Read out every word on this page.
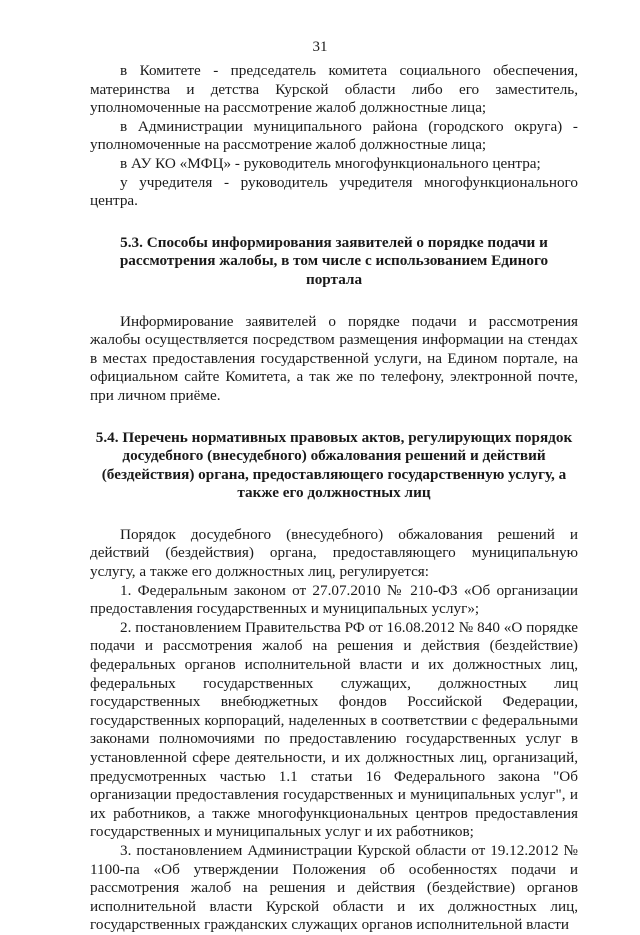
31

в Комитете - председатель комитета социального обеспечения, материнства и детства Курской области либо его заместитель, уполномоченные на рассмотрение жалоб должностные лица;

в Администрации муниципального района (городского округа) - уполномоченные на рассмотрение жалоб должностные лица;

в АУ КО «МФЦ» - руководитель многофункционального центра;

у учредителя - руководитель учредителя многофункционального центра.

5.3. Способы информирования заявителей о порядке подачи и рассмотрения жалобы, в том числе с использованием Единого портала

Информирование заявителей о порядке подачи и рассмотрения жалобы осуществляется посредством размещения информации на стендах в местах предоставления государственной услуги, на Едином портале, на официальном сайте Комитета, а так же по телефону, электронной почте, при личном приёме.

5.4. Перечень нормативных правовых актов, регулирующих порядок досудебного (внесудебного) обжалования решений и действий (бездействия) органа, предоставляющего государственную услугу, а также его должностных лиц

Порядок досудебного (внесудебного) обжалования решений и действий (бездействия) органа, предоставляющего муниципальную услугу, а также его должностных лиц, регулируется:

1. Федеральным законом от 27.07.2010 № 210-ФЗ «Об организации предоставления государственных и муниципальных услуг»;

2. постановлением Правительства РФ от 16.08.2012 № 840 «О порядке подачи и рассмотрения жалоб на решения и действия (бездействие) федеральных органов исполнительной власти и их должностных лиц, федеральных государственных служащих, должностных лиц государственных внебюджетных фондов Российской Федерации, государственных корпораций, наделенных в соответствии с федеральными законами полномочиями по предоставлению государственных услуг в установленной сфере деятельности, и их должностных лиц, организаций, предусмотренных частью 1.1 статьи 16 Федерального закона "Об организации предоставления государственных и муниципальных услуг", и их работников, а также многофункциональных центров предоставления государственных и муниципальных услуг и их работников;

3. постановлением Администрации Курской области от 19.12.2012 № 1100-па «Об утверждении Положения об особенностях подачи и рассмотрения жалоб на решения и действия (бездействие) органов исполнительной власти Курской области и их должностных лиц, государственных гражданских служащих органов исполнительной власти
